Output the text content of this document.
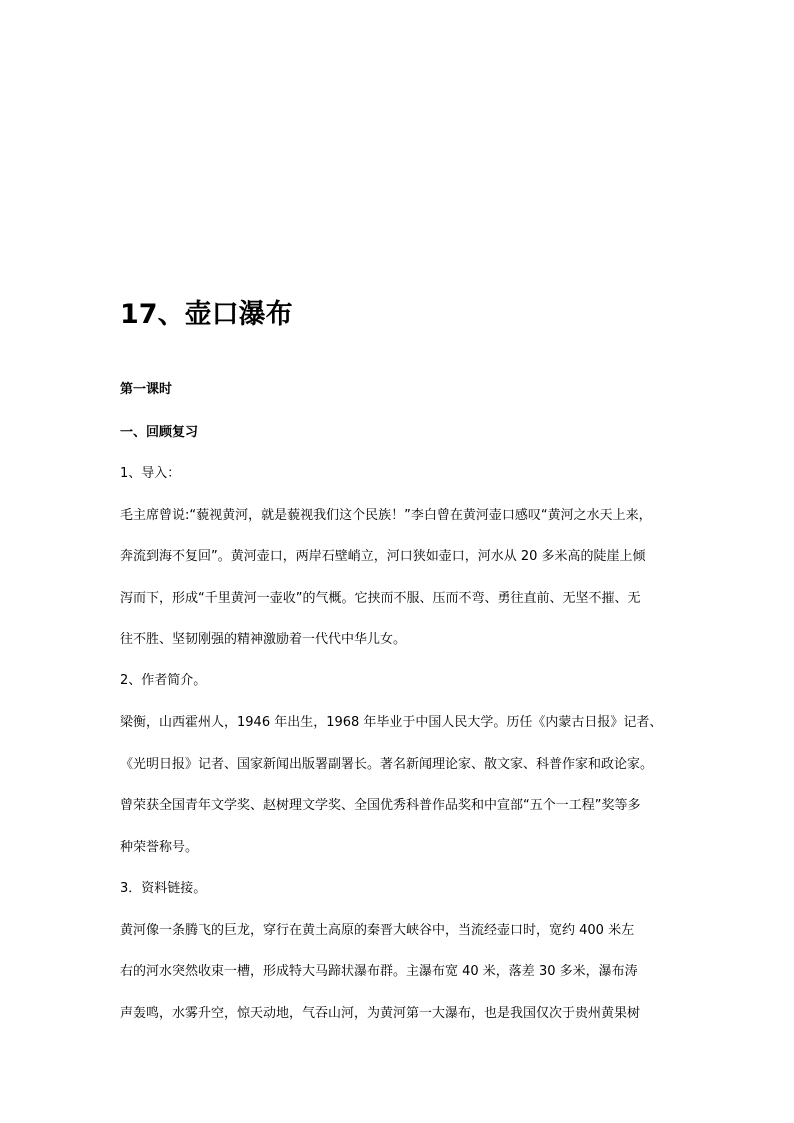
17、壶口瀑布
第一课时
一、回顾复习
1、导入：
毛主席曾说:“藐视黄河，就是藐视我们这个民族！”李白曾在黄河壶口感叹“黄河之水天上来，
奔流到海不复回”。黄河壶口，两岸石壁峭立，河口狭如壶口，河水从 20 多米高的陡崖上倾
泻而下，形成“千里黄河一壶收”的气概。它挟而不服、压而不弯、勇往直前、无坚不摧、无
往不胜、坚韧刚强的精神激励着一代代中华儿女。
2、作者简介。
梁衡，山西霍州人，1946 年出生，1968 年毕业于中国人民大学。历任《内蒙古日报》记者、
《光明日报》记者、国家新闻出版署副署长。著名新闻理论家、散文家、科普作家和政论家。
曾荣获全国青年文学奖、赵树理文学奖、全国优秀科普作品奖和中宣部“五个一工程”奖等多
种荣誉称号。
3．资料链接。
黄河像一条腾飞的巨龙，穿行在黄土高原的秦晋大峡谷中，当流经壶口时，宽约 400 米左
右的河水突然收束一槽，形成特大马蹄状瀑布群。主瀑布宽 40 米，落差 30 多米，瀑布涛
声轰鸣，水雾升空，惊天动地，气吞山河，为黄河第一大瀑布，也是我国仅次于贵州黄果树
